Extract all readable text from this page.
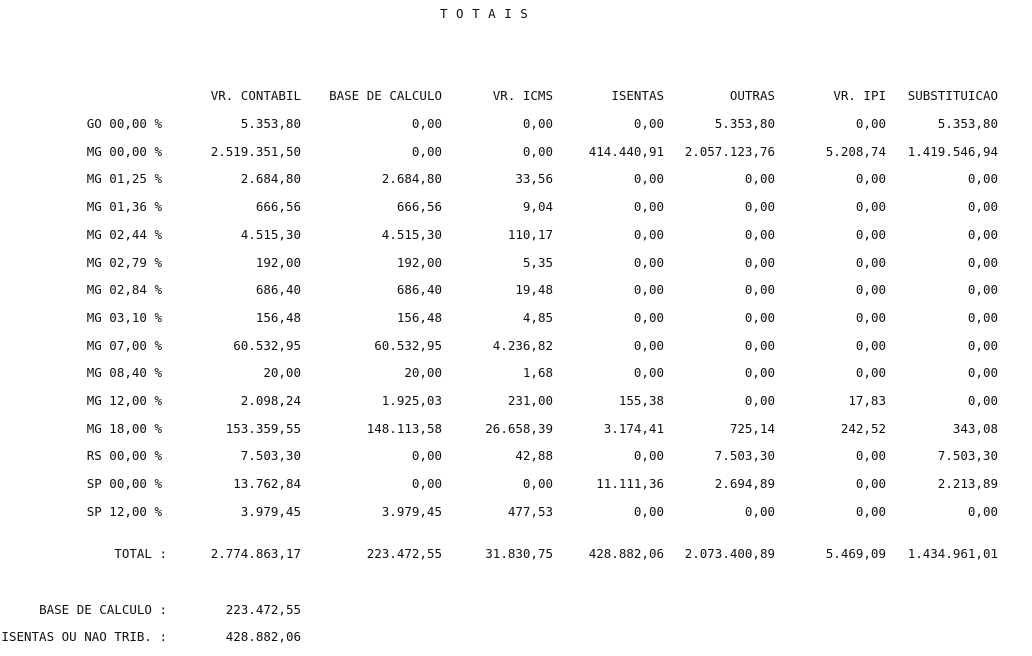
T O T A I S
VR. CONTABIL	BASE DE CALCULO	VR. ICMS	ISENTAS	OUTRAS	VR. IPI	SUBSTITUICAO
GO 00,00 %	5.353,80	0,00	0,00	0,00	5.353,80	0,00	5.353,80
MG 00,00 %	2.519.351,50	0,00	0,00	414.440,91	2.057.123,76	5.208,74	1.419.546,94
MG 01,25 %	2.684,80	2.684,80	33,56	0,00	0,00	0,00	0,00
MG 01,36 %	666,56	666,56	9,04	0,00	0,00	0,00	0,00
MG 02,44 %	4.515,30	4.515,30	110,17	0,00	0,00	0,00	0,00
MG 02,79 %	192,00	192,00	5,35	0,00	0,00	0,00	0,00
MG 02,84 %	686,40	686,40	19,48	0,00	0,00	0,00	0,00
MG 03,10 %	156,48	156,48	4,85	0,00	0,00	0,00	0,00
MG 07,00 %	60.532,95	60.532,95	4.236,82	0,00	0,00	0,00	0,00
MG 08,40 %	20,00	20,00	1,68	0,00	0,00	0,00	0,00
MG 12,00 %	2.098,24	1.925,03	231,00	155,38	0,00	17,83	0,00
MG 18,00 %	153.359,55	148.113,58	26.658,39	3.174,41	725,14	242,52	343,08
RS 00,00 %	7.503,30	0,00	42,88	0,00	7.503,30	0,00	7.503,30
SP 00,00 %	13.762,84	0,00	0,00	11.111,36	2.694,89	0,00	2.213,89
SP 12,00 %	3.979,45	3.979,45	477,53	0,00	0,00	0,00	0,00
TOTAL :	2.774.863,17	223.472,55	31.830,75	428.882,06	2.073.400,89	5.469,09	1.434.961,01
BASE DE CALCULO :	223.472,55
ISENTAS OU NAO TRIB. :	428.882,06
